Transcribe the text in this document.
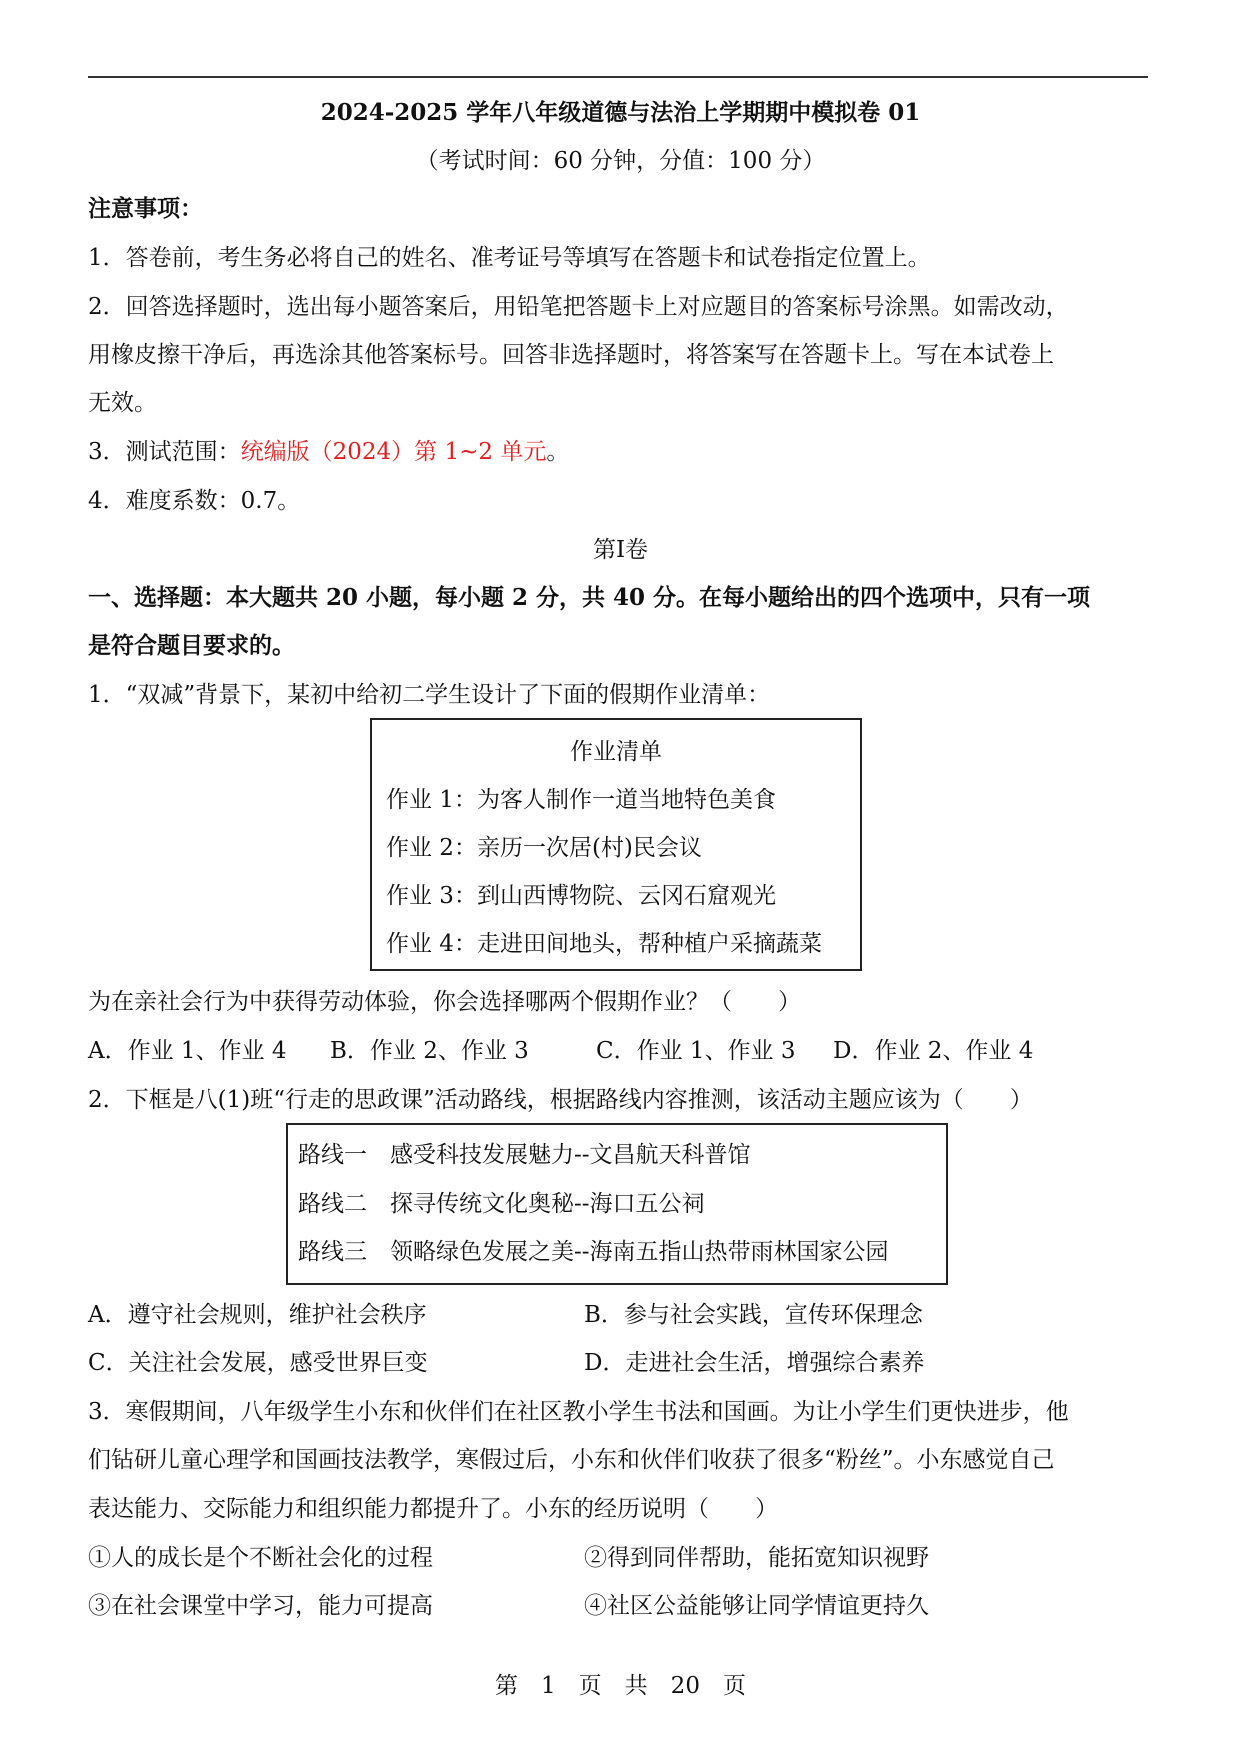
2024-2025 学年八年级道德与法治上学期期中模拟卷 01
（考试时间：60 分钟，分值：100 分）
注意事项：
1．答卷前，考生务必将自己的姓名、准考证号等填写在答题卡和试卷指定位置上。
2．回答选择题时，选出每小题答案后，用铅笔把答题卡上对应题目的答案标号涂黑。如需改动，
用橡皮擦干净后，再选涂其他答案标号。回答非选择题时，将答案写在答题卡上。写在本试卷上
无效。
3．测试范围：统编版（2024）第 1~2 单元。
4．难度系数：0.7。
第Ⅰ卷
一、选择题：本大题共 20 小题，每小题 2 分，共 40 分。在每小题给出的四个选项中，只有一项
是符合题目要求的。
1．“双减”背景下，某初中给初二学生设计了下面的假期作业清单：
作业清单
作业 1：为客人制作一道当地特色美食
作业 2：亲历一次居(村)民会议
作业 3：到山西博物院、云冈石窟观光
作业 4：走进田间地头，帮种植户采摘蔬菜
为在亲社会行为中获得劳动体验，你会选择哪两个假期作业？（　　）
A．作业 1、作业 4 B．作业 2、作业 3	C．作业 1、作业 3 D．作业 2、作业 4
2．下框是八(1)班“行走的思政课”活动路线，根据路线内容推测，该活动主题应该为（　　）
路线一　感受科技发展魅力--文昌航天科普馆
路线二　探寻传统文化奥秘--海口五公祠
路线三　领略绿色发展之美--海南五指山热带雨林国家公园
A．遵守社会规则，维护社会秩序	B．参与社会实践，宣传环保理念
C．关注社会发展，感受世界巨变	D．走进社会生活，增强综合素养
3．寒假期间，八年级学生小东和伙伴们在社区教小学生书法和国画。为让小学生们更快进步，他
们钻研儿童心理学和国画技法教学，寒假过后，小东和伙伴们收获了很多“粉丝”。小东感觉自己
表达能力、交际能力和组织能力都提升了。小东的经历说明（　　）
①人的成长是个不断社会化的过程	②得到同伴帮助，能拓宽知识视野
③在社会课堂中学习，能力可提高	④社区公益能够让同学情谊更持久
第　1　页　共　20　页
